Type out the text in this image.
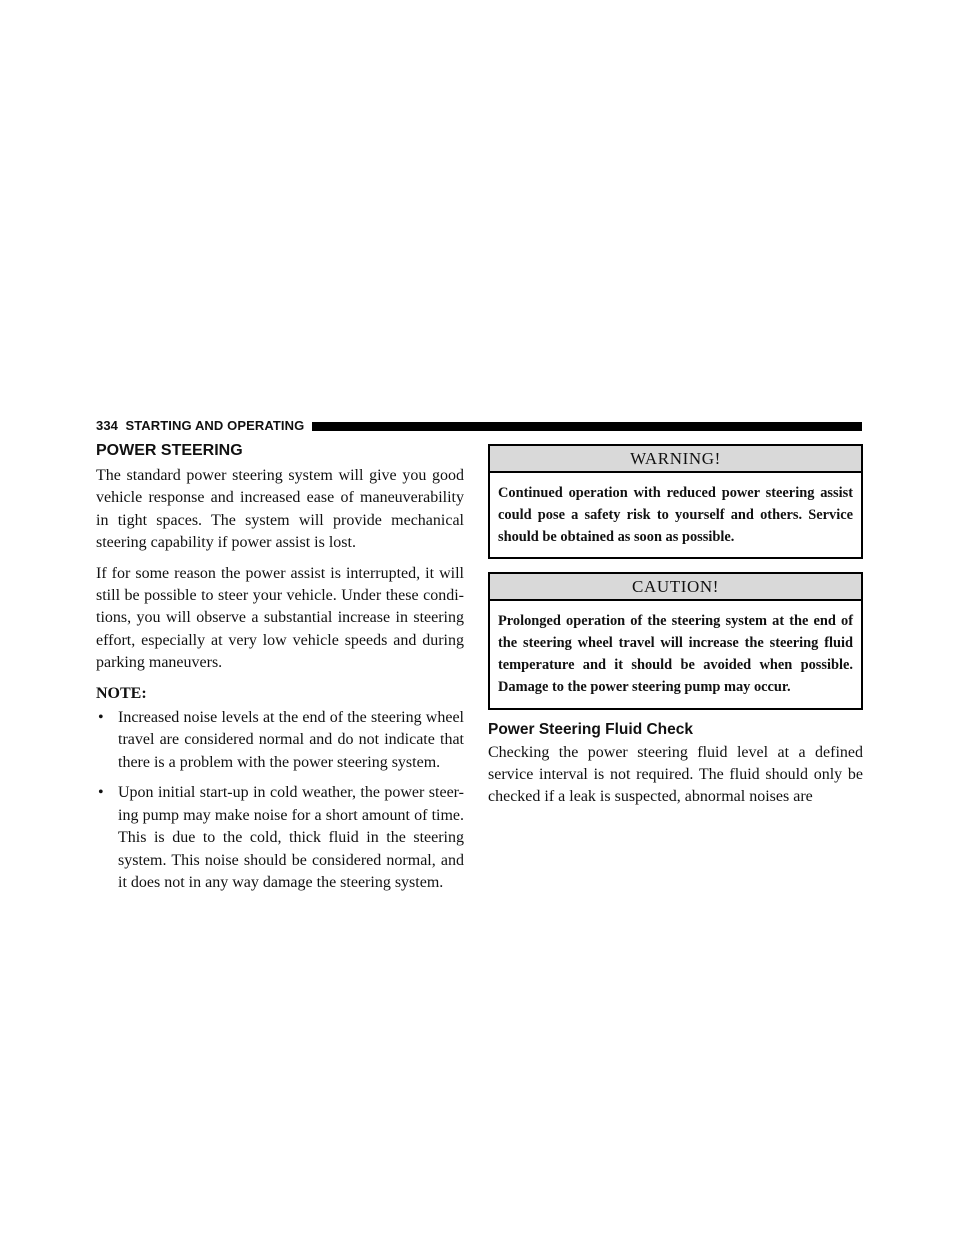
334 STARTING AND OPERATING
POWER STEERING

The standard power steering system will give you good vehicle response and increased ease of maneuverability in tight spaces. The system will provide mechanical steering capability if power assist is lost.

If for some reason the power assist is interrupted, it will still be possible to steer your vehicle. Under these condi-tions, you will observe a substantial increase in steering effort, especially at very low vehicle speeds and during parking maneuvers.

NOTE:

• Increased noise levels at the end of the steering wheel travel are considered normal and do not indicate that there is a problem with the power steering system.
• Upon initial start-up in cold weather, the power steer-ing pump may make noise for a short amount of time. This is due to the cold, thick fluid in the steering system. This noise should be considered normal, and it does not in any way damage the steering system.
WARNING!
Continued operation with reduced power steering assist could pose a safety risk to yourself and others. Service should be obtained as soon as possible.
CAUTION!
Prolonged operation of the steering system at the end of the steering wheel travel will increase the steering fluid temperature and it should be avoided when possible. Damage to the power steering pump may occur.
Power Steering Fluid Check

Checking the power steering fluid level at a defined service interval is not required. The fluid should only be checked if a leak is suspected, abnormal noises are
